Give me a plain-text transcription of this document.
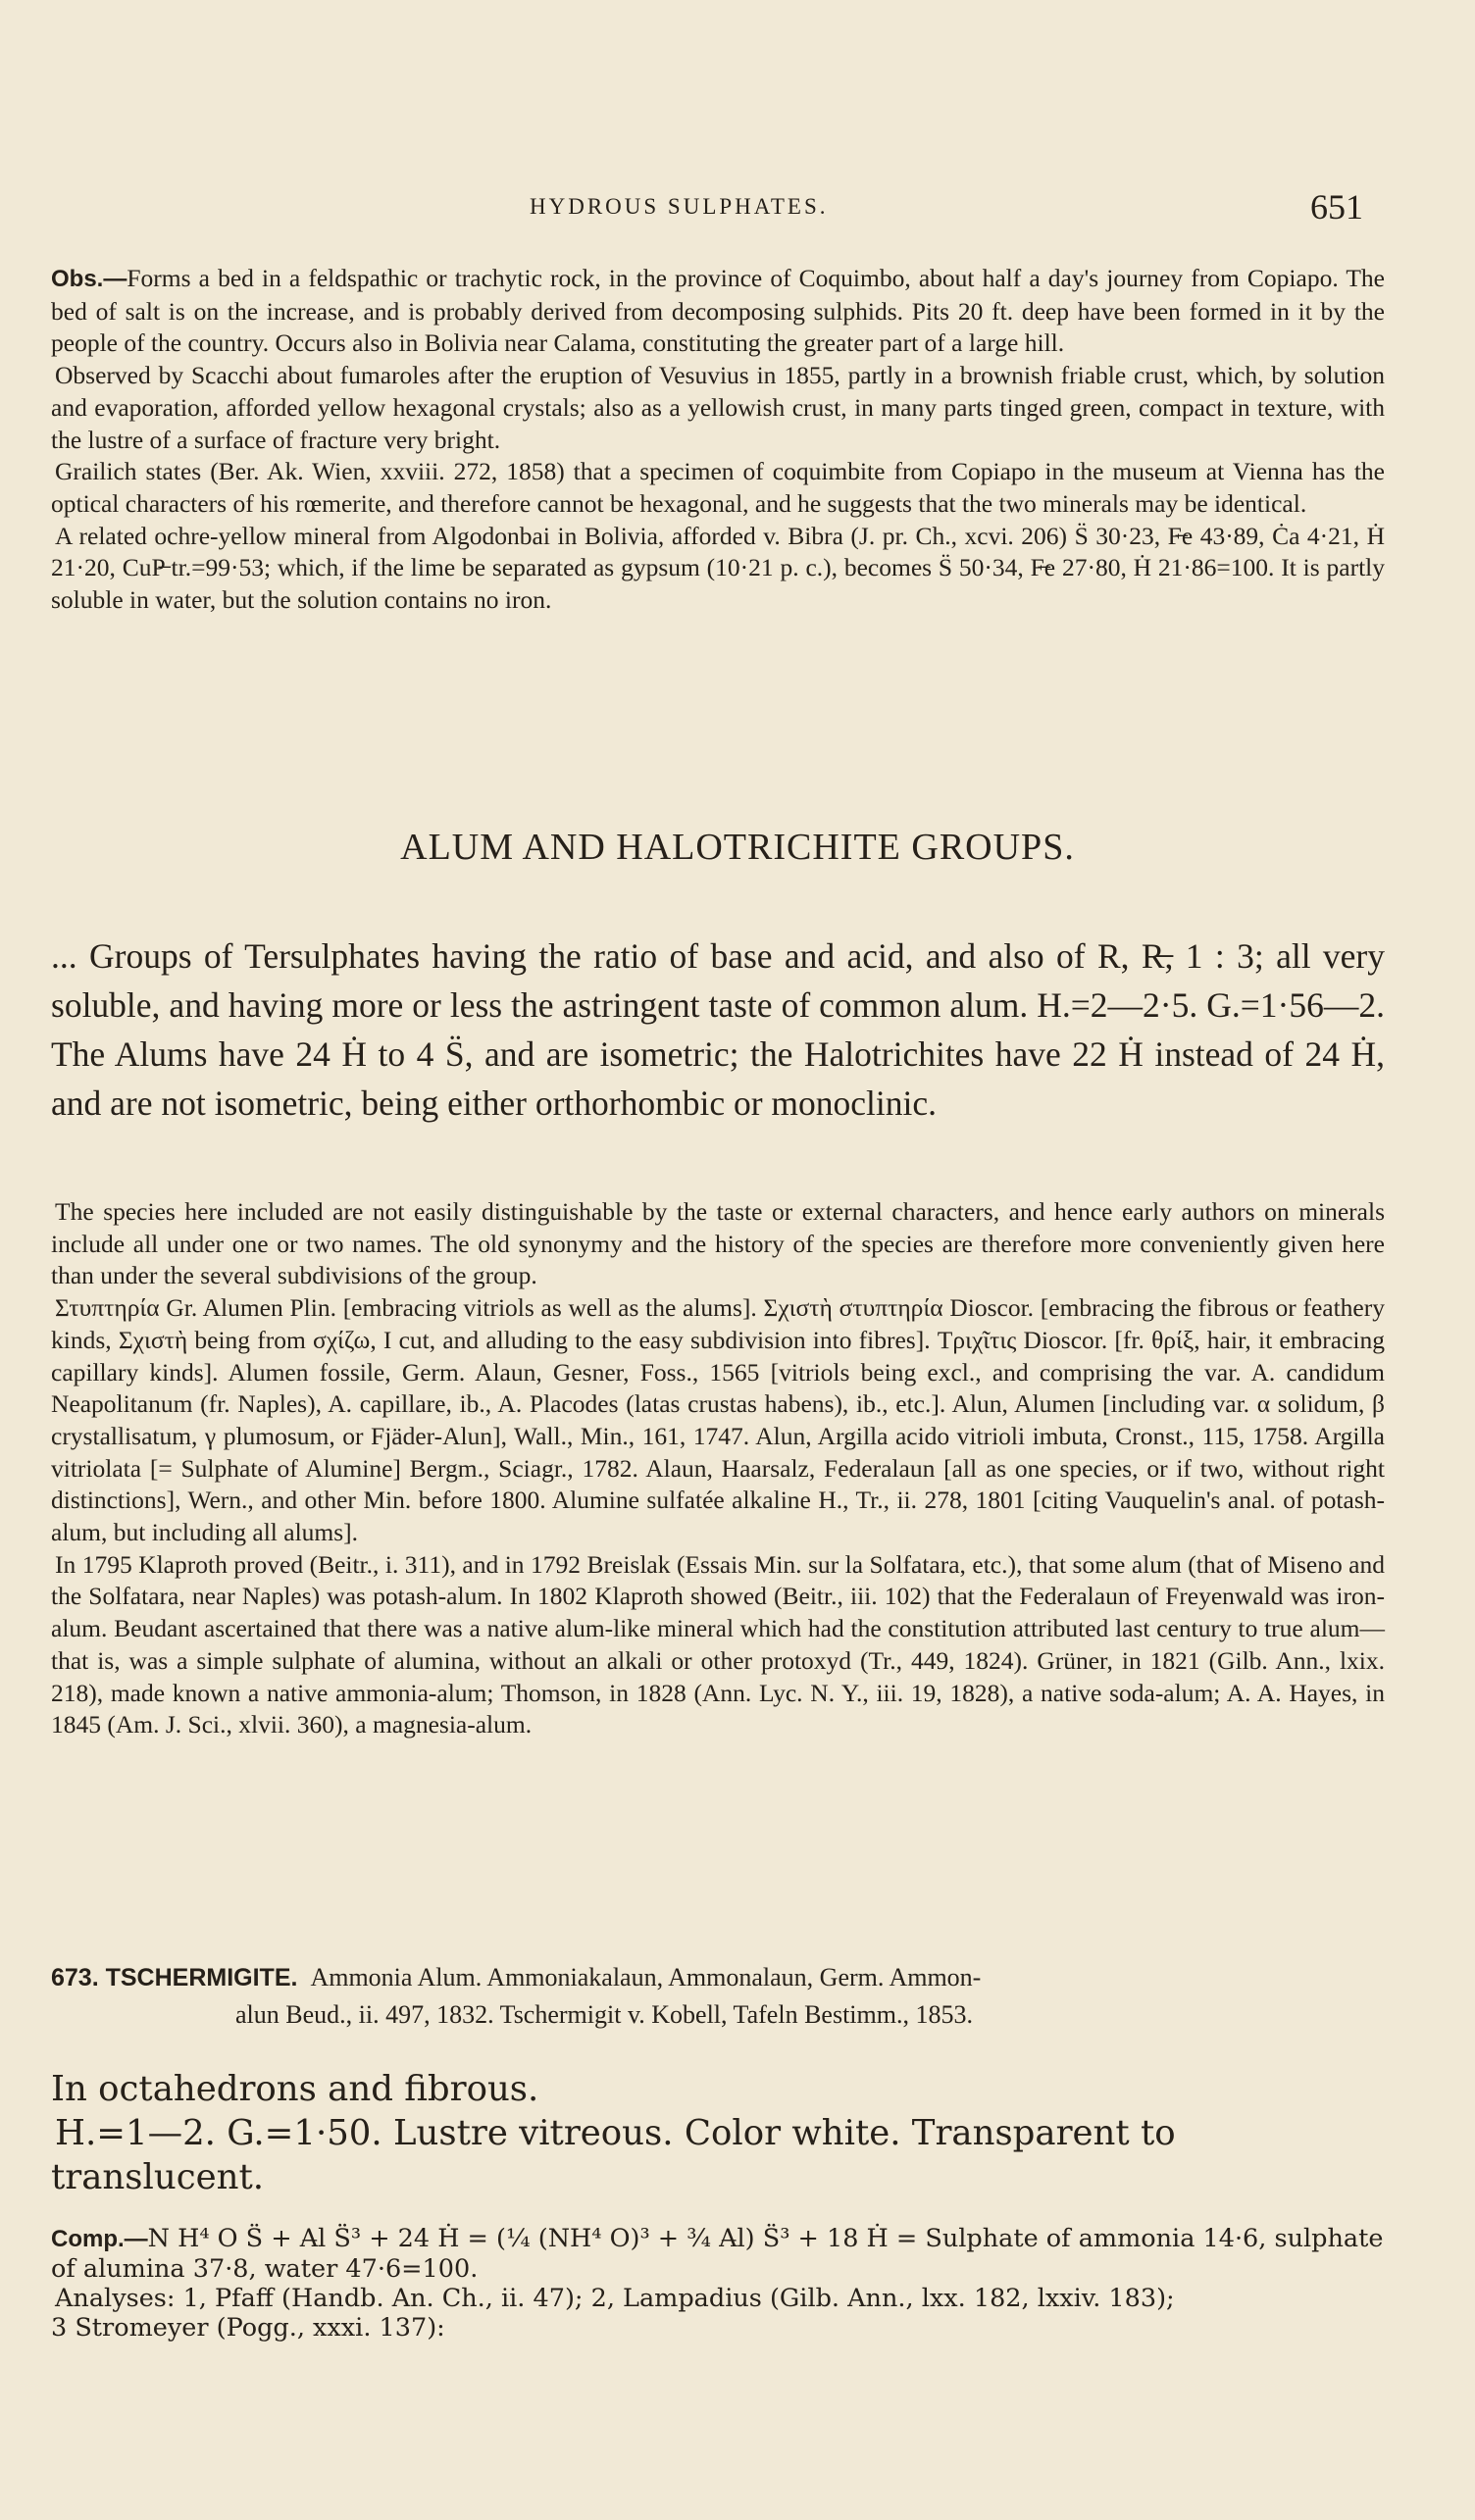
HYDROUS SULPHATES.	651

Obs.—Forms a bed in a feldspathic or trachytic rock, in the province of Coquimbo, about half a day's journey from Copiapo. The bed of salt is on the increase, and is probably derived from decomposing sulphids. Pits 20 ft. deep have been formed in it by the people of the country. Occurs also in Bolivia near Calama, constituting the greater part of a large hill.

Observed by Scacchi about fumaroles after the eruption of Vesuvius in 1855, partly in a brownish friable crust, which, by solution and evaporation, afforded yellow hexagonal crystals; also as a yellowish crust, in many parts tinged green, compact in texture, with the lustre of a surface of fracture very bright.

Grailich states (Ber. Ak. Wien, xxviii. 272, 1858) that a specimen of coquimbite from Copiapo in the museum at Vienna has the optical characters of his rœmerite, and therefore cannot be hexagonal, and he suggests that the two minerals may be identical.

A related ochre-yellow mineral from Algodonbai in Bolivia, afforded v. Bibra (J. pr. Ch., xcvi. 206) S̈ 30·23, F̶e 43·89, Ċa 4·21, Ḣ 21·20, CuP̶ tr.=99·53; which, if the lime be separated as gypsum (10·21 p. c.), becomes S̈ 50·34, F̶e 27·80, Ḣ 21·86=100. It is partly soluble in water, but the solution contains no iron.

ALUM AND HALOTRICHITE GROUPS.

... Groups of Tersulphates having the ratio of base and acid, and also of R, R̶, 1 : 3; all very soluble, and having more or less the astringent taste of common alum. H.=2—2·5. G.=1·56—2. The Alums have 24 Ḣ to 4 S̈, and are isometric; the Halotrichites have 22 Ḣ instead of 24 Ḣ, and are not isometric, being either orthorhombic or monoclinic.

The species here included are not easily distinguishable by the taste or external characters, and hence early authors on minerals include all under one or two names. The old synonymy and the history of the species are therefore more conveniently given here than under the several subdivisions of the group.

Στυπτηρία Gr. Alumen Plin. [embracing vitriols as well as the alums]. Σχιστὴ στυπτηρία Dioscor. [embracing the fibrous or feathery kinds, Σχιστὴ being from σχίζω, I cut, and alluding to the easy subdivision into fibres]. Τριχῖτις Dioscor. [fr. θρίξ, hair, it embracing capillary kinds]. Alumen fossile, Germ. Alaun, Gesner, Foss., 1565 [vitriols being excl., and comprising the var. A. candidum Neapolitanum (fr. Naples), A. capillare, ib., A. Placodes (latas crustas habens), ib., etc.]. Alun, Alumen [including var. α solidum, β crystallisatum, γ plumosum, or Fjäder-Alun], Wall., Min., 161, 1747. Alun, Argilla acido vitrioli imbuta, Cronst., 115, 1758. Argilla vitriolata [= Sulphate of Alumine] Bergm., Sciagr., 1782. Alaun, Haarsalz, Federalaun [all as one species, or if two, without right distinctions], Wern., and other Min. before 1800. Alumine sulfatée alkaline H., Tr., ii. 278, 1801 [citing Vauquelin's anal. of potash-alum, but including all alums].

In 1795 Klaproth proved (Beitr., i. 311), and in 1792 Breislak (Essais Min. sur la Solfatara, etc.), that some alum (that of Miseno and the Solfatara, near Naples) was potash-alum. In 1802 Klaproth showed (Beitr., iii. 102) that the Federalaun of Freyenwald was iron-alum. Beudant ascertained that there was a native alum-like mineral which had the constitution attributed last century to true alum—that is, was a simple sulphate of alumina, without an alkali or other protoxyd (Tr., 449, 1824). Grüner, in 1821 (Gilb. Ann., lxix. 218), made known a native ammonia-alum; Thomson, in 1828 (Ann. Lyc. N. Y., iii. 19, 1828), a native soda-alum; A. A. Hayes, in 1845 (Am. J. Sci., xlvii. 360), a magnesia-alum.

673. TSCHERMIGITE. Ammonia Alum. Ammoniakalaun, Ammonalaun, Germ. Ammon-
alun Beud., ii. 497, 1832. Tschermigit v. Kobell, Tafeln Bestimm., 1853.

In octahedrons and fibrous.

H.=1—2. G.=1·50. Lustre vitreous. Color white. Transparent to

translucent.

Comp.—N H⁴ O S̈ + A̶l S̈³ + 24 Ḣ = (¼ (NH⁴ O)³ + ¾ A̶l) S̈³ + 18 Ḣ = Sulphate of ammonia 14·6, sulphate of alumina 37·8, water 47·6=100.

Analyses: 1, Pfaff (Handb. An. Ch., ii. 47); 2, Lampadius (Gilb. Ann., lxx. 182, lxxiv. 183);

3 Stromeyer (Pogg., xxxi. 137):
